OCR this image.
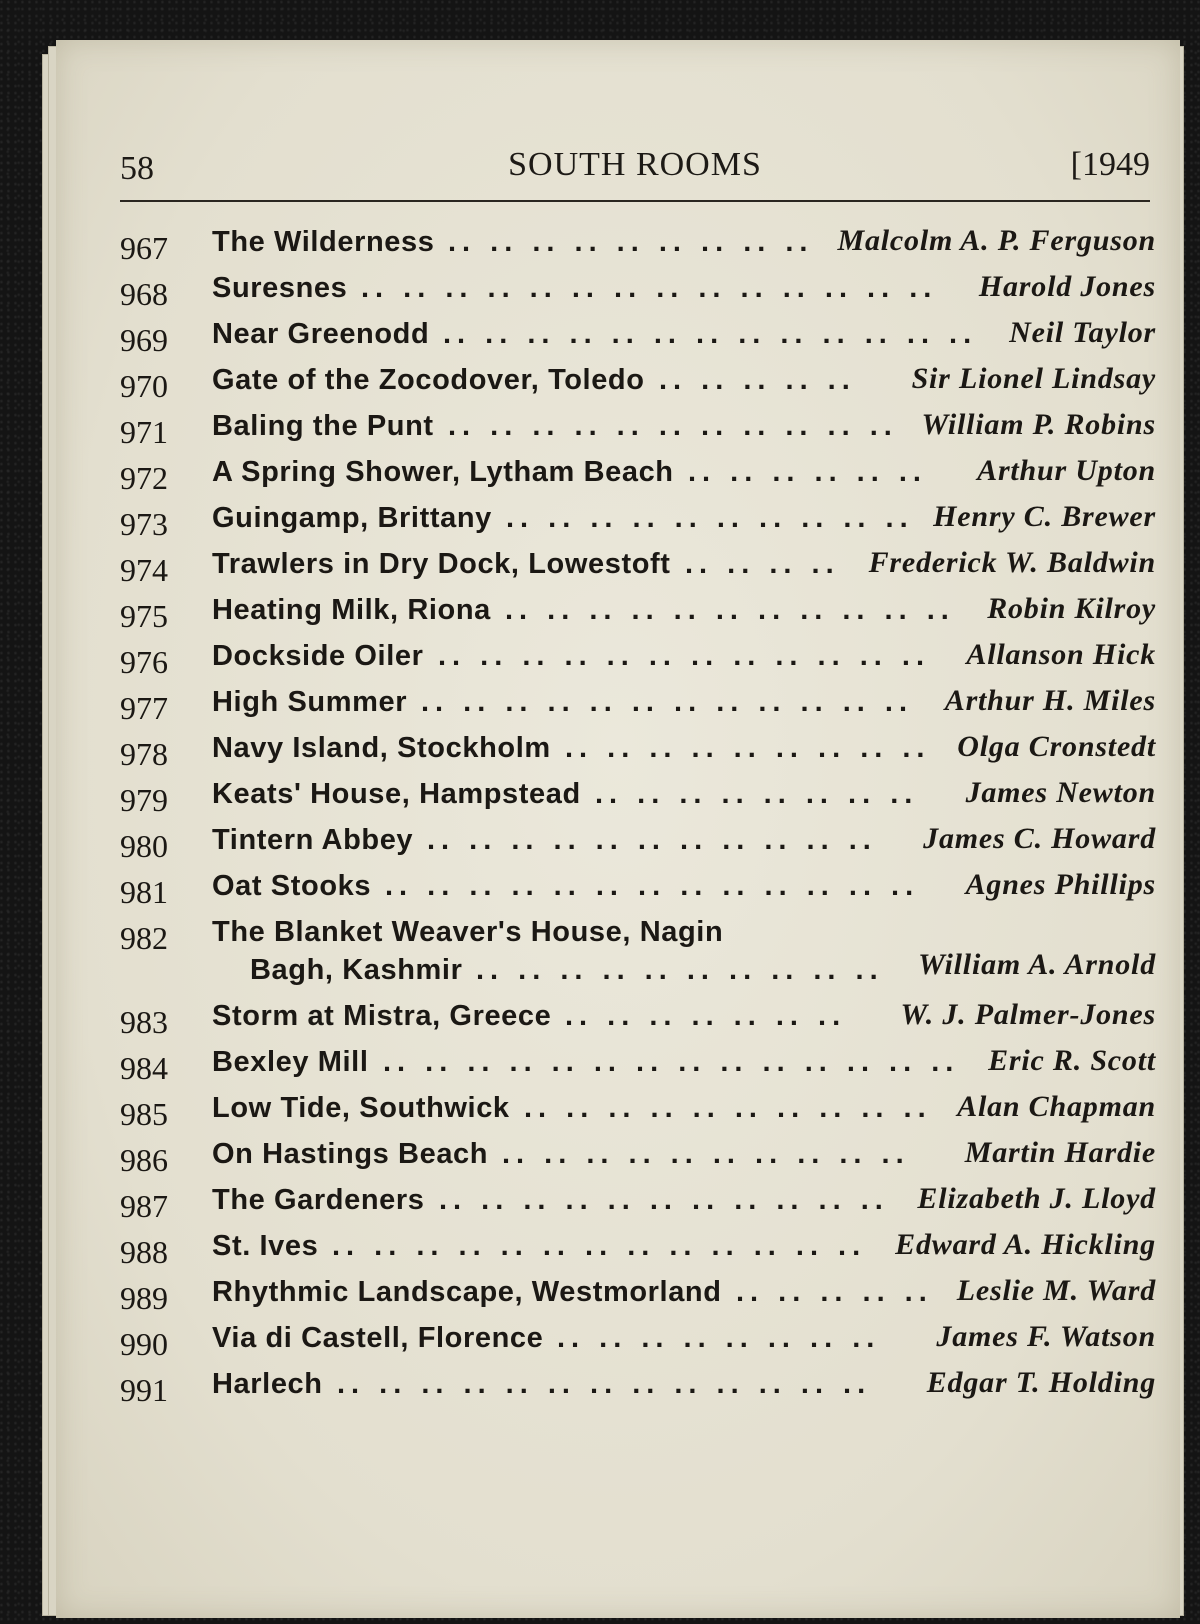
58	SOUTH ROOMS	[1949
967 The Wilderness .. .. .. .. .. .. .. .. .. Malcolm A. P. Ferguson
968 Suresnes .. .. .. .. .. .. .. .. .. .. .. .. .. .. Harold Jones
969 Near Greenodd .. .. .. .. .. .. .. .. .. .. .. .. .. Neil Taylor
970 Gate of the Zocodover, Toledo .. .. .. .. .. Sir Lionel Lindsay
971 Baling the Punt .. .. .. .. .. .. .. .. .. .. .. William P. Robins
972 A Spring Shower, Lytham Beach .. .. .. .. .. .. Arthur Upton
973 Guingamp, Brittany .. .. .. .. .. .. .. .. .. .. Henry C. Brewer
974 Trawlers in Dry Dock, Lowestoft .. .. .. .. Frederick W. Baldwin
975 Heating Milk, Riona .. .. .. .. .. .. .. .. .. .. .. Robin Kilroy
976 Dockside Oiler .. .. .. .. .. .. .. .. .. .. .. .. Allanson Hick
977 High Summer .. .. .. .. .. .. .. .. .. .. .. .. Arthur H. Miles
978 Navy Island, Stockholm .. .. .. .. .. .. .. .. .. Olga Cronstedt
979 Keats' House, Hampstead .. .. .. .. .. .. .. .. James Newton
980 Tintern Abbey .. .. .. .. .. .. .. .. .. .. .. James C. Howard
981 Oat Stooks .. .. .. .. .. .. .. .. .. .. .. .. .. Agnes Phillips
982 The Blanket Weaver's House, Nagin
Bagh, Kashmir .. .. .. .. .. .. .. .. .. .. William A. Arnold
983 Storm at Mistra, Greece .. .. .. .. .. .. .. W. J. Palmer-Jones
984 Bexley Mill .. .. .. .. .. .. .. .. .. .. .. .. .. .. Eric R. Scott
985 Low Tide, Southwick .. .. .. .. .. .. .. .. .. .. Alan Chapman
986 On Hastings Beach .. .. .. .. .. .. .. .. .. .. Martin Hardie
987 The Gardeners .. .. .. .. .. .. .. .. .. .. .. Elizabeth J. Lloyd
988 St. Ives .. .. .. .. .. .. .. .. .. .. .. .. .. Edward A. Hickling
989 Rhythmic Landscape, Westmorland .. .. .. .. .. Leslie M. Ward
990 Via di Castell, Florence .. .. .. .. .. .. .. .. James F. Watson
991 Harlech .. .. .. .. .. .. .. .. .. .. .. .. .. Edgar T. Holding
